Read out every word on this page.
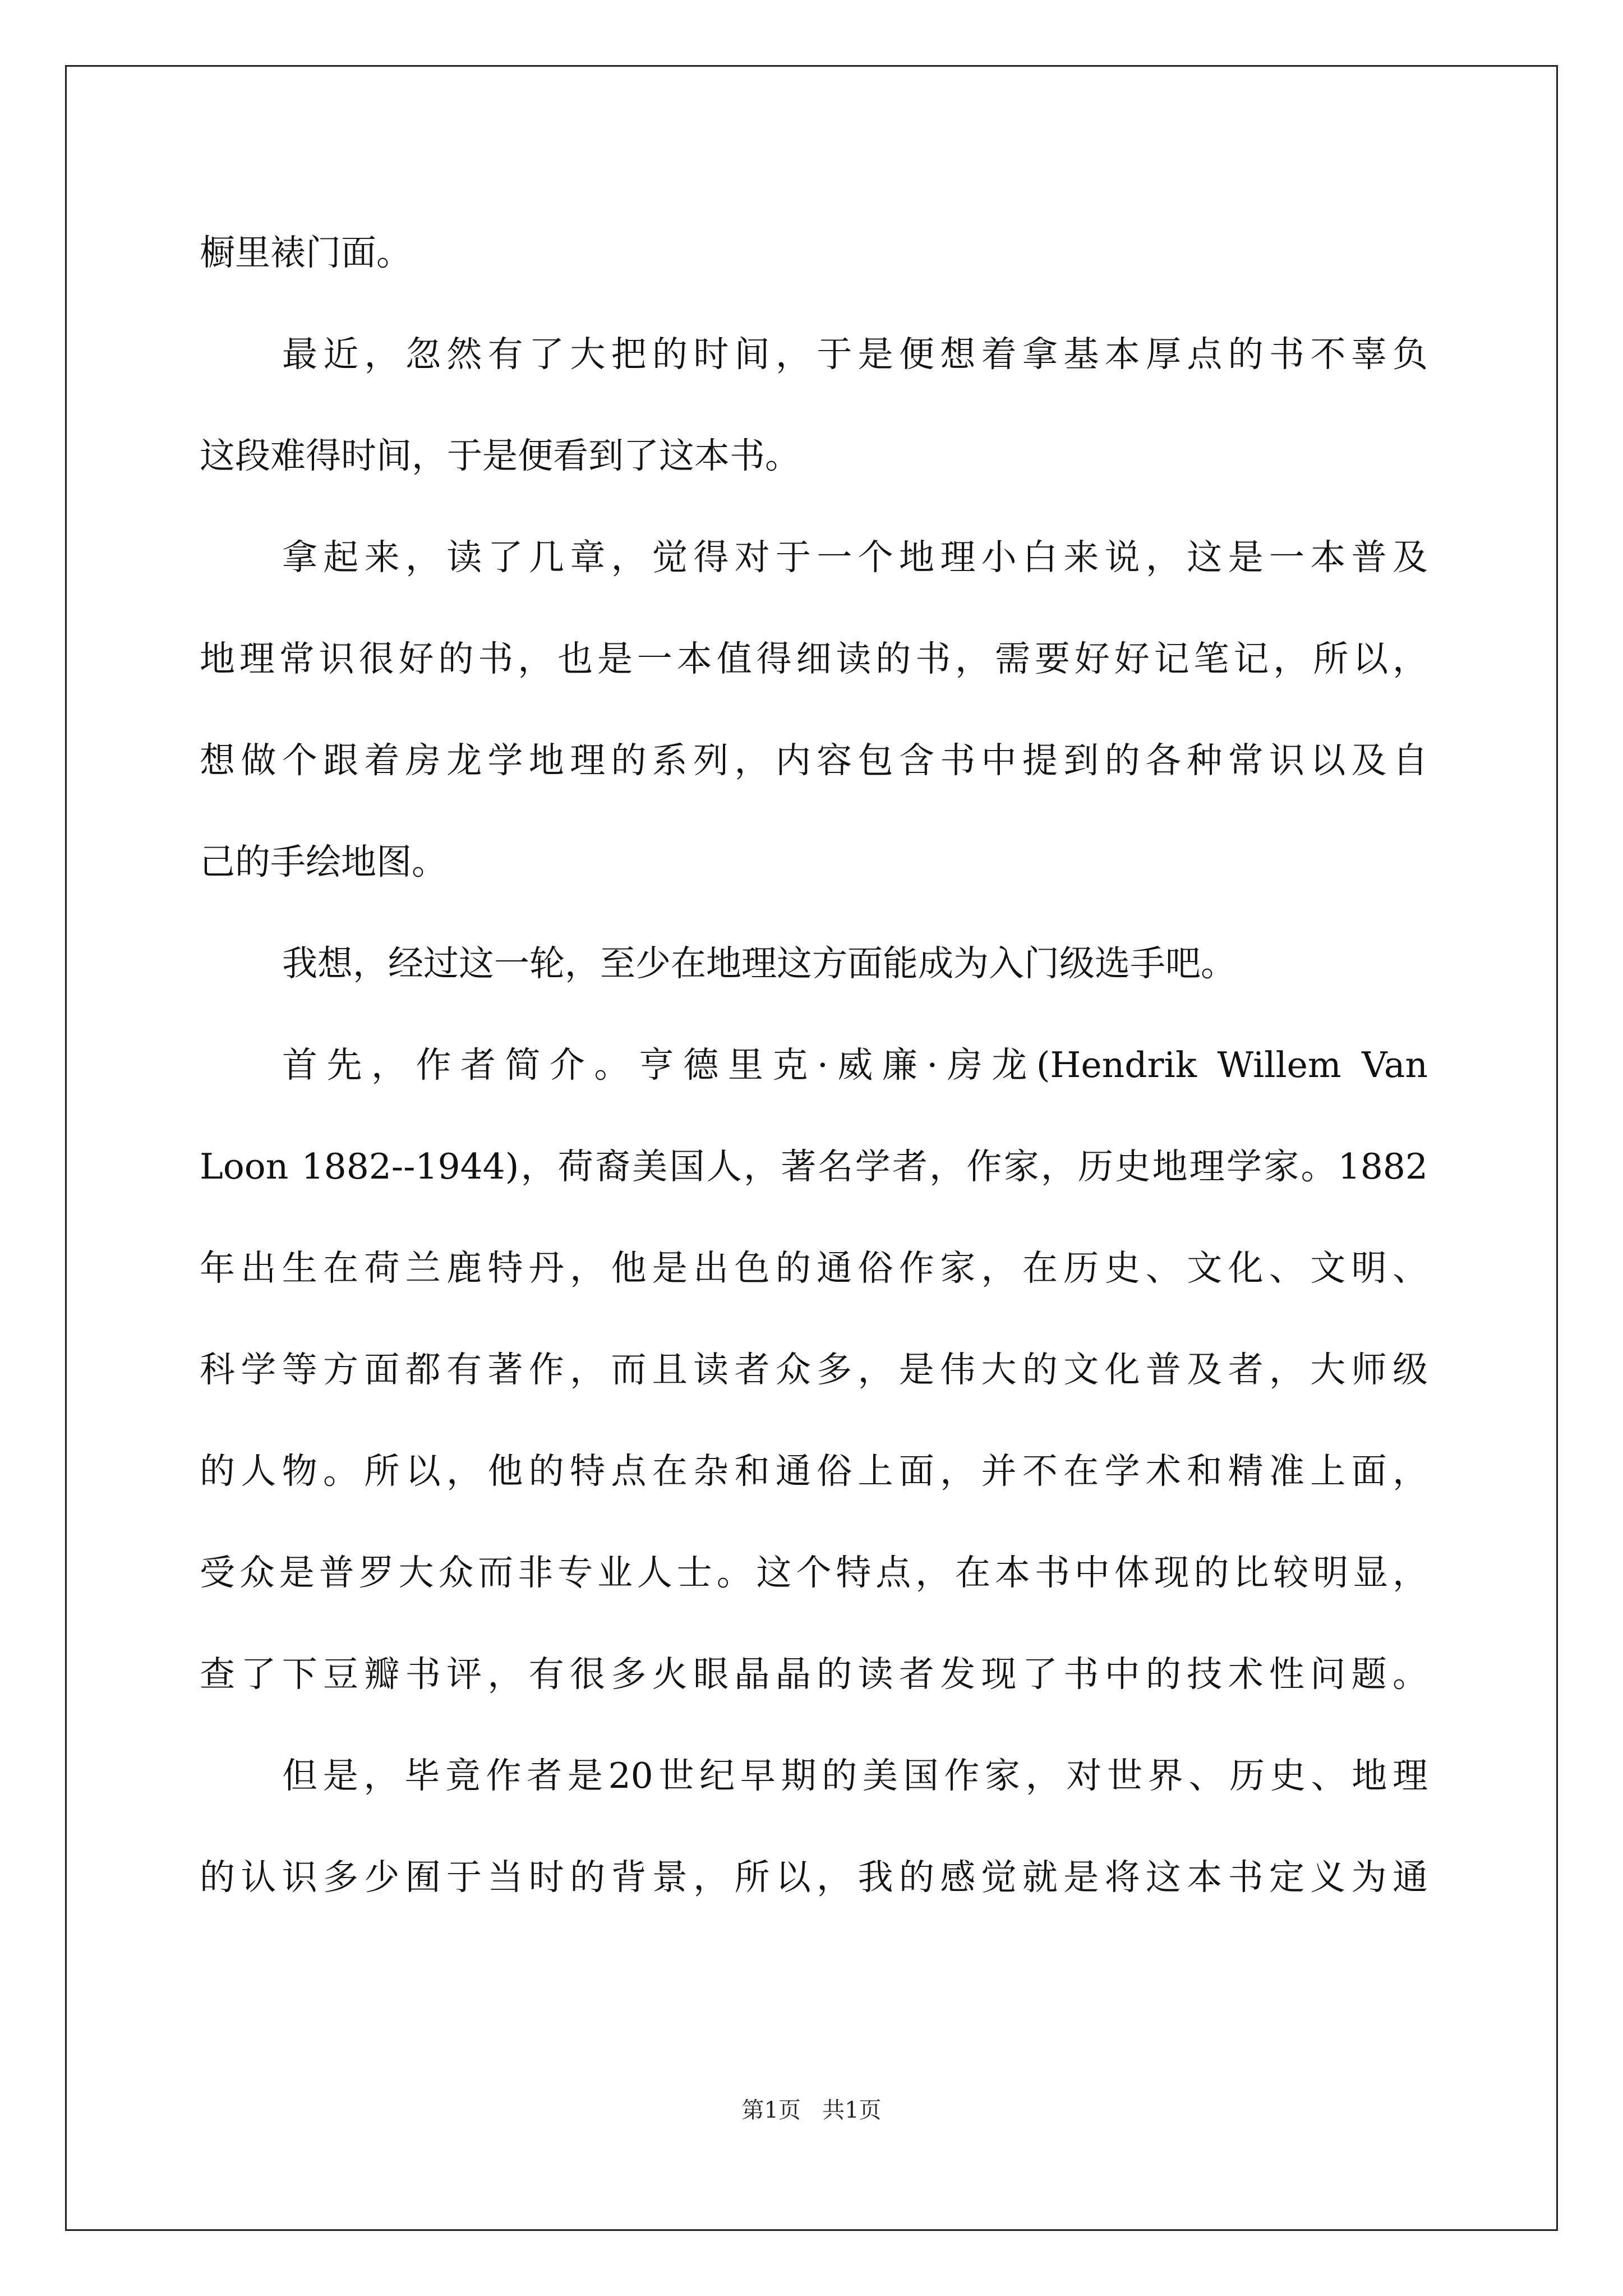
橱里裱门面。
最近，忽然有了大把的时间，于是便想着拿基本厚点的书不辜负
这段难得时间，于是便看到了这本书。
拿起来，读了几章，觉得对于一个地理小白来说，这是一本普及
地理常识很好的书，也是一本值得细读的书，需要好好记笔记，所以，
想做个跟着房龙学地理的系列，内容包含书中提到的各种常识以及自
己的手绘地图。
我想，经过这一轮，至少在地理这方面能成为入门级选手吧。
首先，作者简介。亨德里克·威廉·房龙(Hendrik Willem Van
Loon 1882--1944)，荷裔美国人，著名学者，作家，历史地理学家。1882
年出生在荷兰鹿特丹，他是出色的通俗作家，在历史、文化、文明、
科学等方面都有著作，而且读者众多，是伟大的文化普及者，大师级
的人物。所以，他的特点在杂和通俗上面，并不在学术和精准上面，
受众是普罗大众而非专业人士。这个特点，在本书中体现的比较明显，
查了下豆瓣书评，有很多火眼晶晶的读者发现了书中的技术性问题。
但是，毕竟作者是20世纪早期的美国作家，对世界、历史、地理
的认识多少囿于当时的背景，所以，我的感觉就是将这本书定义为通
第1页 共1页
